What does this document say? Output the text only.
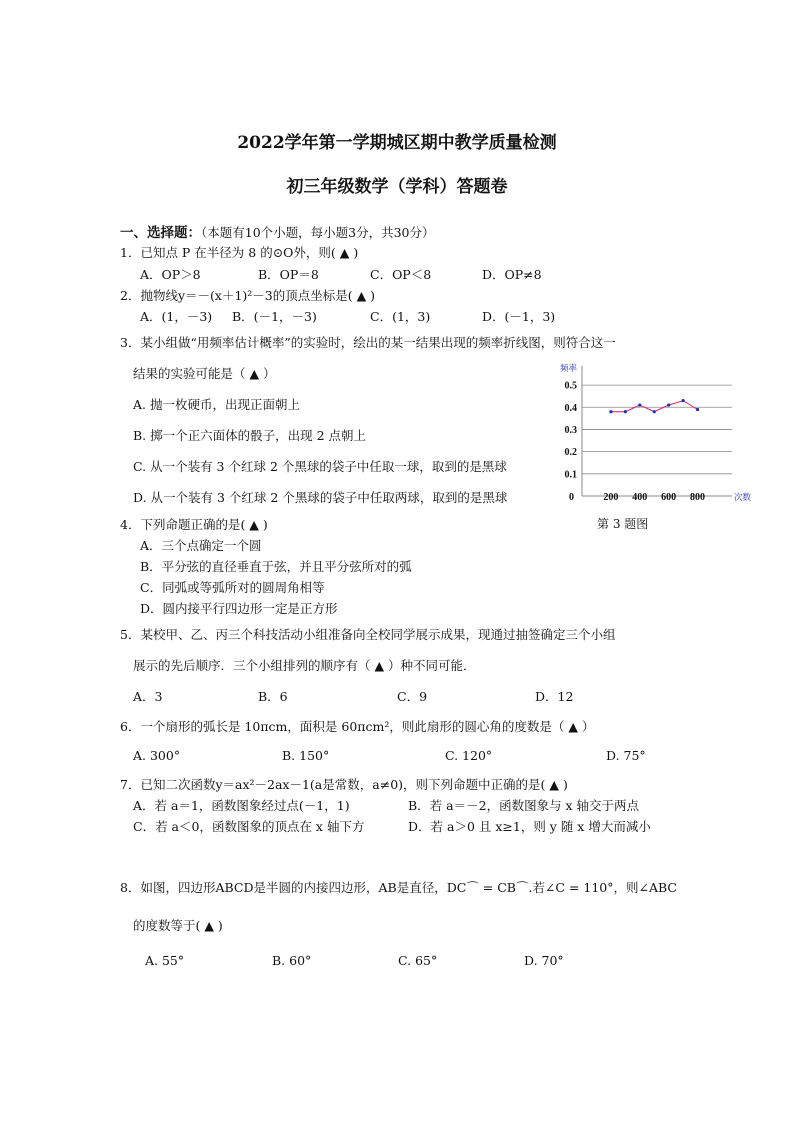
2022学年第一学期城区期中教学质量检测
初三年级数学（学科）答题卷
一、选择题：（本题有10个小题，每小题3分，共30分）
1．已知点 P 在半径为 8 的⊙O外，则( ▲ )
A．OP＞8	B．OP＝8	C．OP＜8	D．OP≠8
2．抛物线y＝－(x＋1)²－3的顶点坐标是( ▲ )
A．(1，－3) B．(－1，－3)	C．(1，3)	D．(－1，3)
3．某小组做“用频率估计概率”的实验时，绘出的某一结果出现的频率折线图，则符合这一
结果的实验可能是（ ▲ ）
A. 抛一枚硬币，出现正面朝上
B. 掷一个正六面体的骰子，出现 2 点朝上
C. 从一个装有 3 个红球 2 个黑球的袋子中任取一球，取到的是黑球
D. 从一个装有 3 个红球 2 个黑球的袋子中任取两球，取到的是黑球
0.1
0.2
0.3
0.4
0.5
0	200 400 600 800
频率
次数
第 3 题图
4．下列命题正确的是( ▲ )
A．三个点确定一个圆
B．平分弦的直径垂直于弦，并且平分弦所对的弧
C．同弧或等弧所对的圆周角相等
D．圆内接平行四边形一定是正方形
5．某校甲、乙、丙三个科技活动小组准备向全校同学展示成果，现通过抽签确定三个小组
展示的先后顺序．三个小组排列的顺序有（ ▲ ）种不同可能．
A．3	B．6	C．9	D．12
6．一个扇形的弧长是 10πcm，面积是 60πcm²，则此扇形的圆心角的度数是（ ▲ ）
A. 300°	B. 150°	C. 120°	D. 75°
7．已知二次函数y＝ax²－2ax－1(a是常数，a≠0)，则下列命题中正确的是( ▲ )
A．若 a＝1，函数图象经过点(－1，1)	B．若 a＝－2，函数图象与 x 轴交于两点
C．若 a＜0，函数图象的顶点在 x 轴下方	D．若 a＞0 且 x≥1，则 y 随 x 增大而减小
8．如图，四边形ABCD是半圆的内接四边形，AB是直径，DC⌒ = CB⌒.若∠C = 110°，则∠ABC
的度数等于( ▲ )
A. 55°	B. 60°	C. 65°	D. 70°
